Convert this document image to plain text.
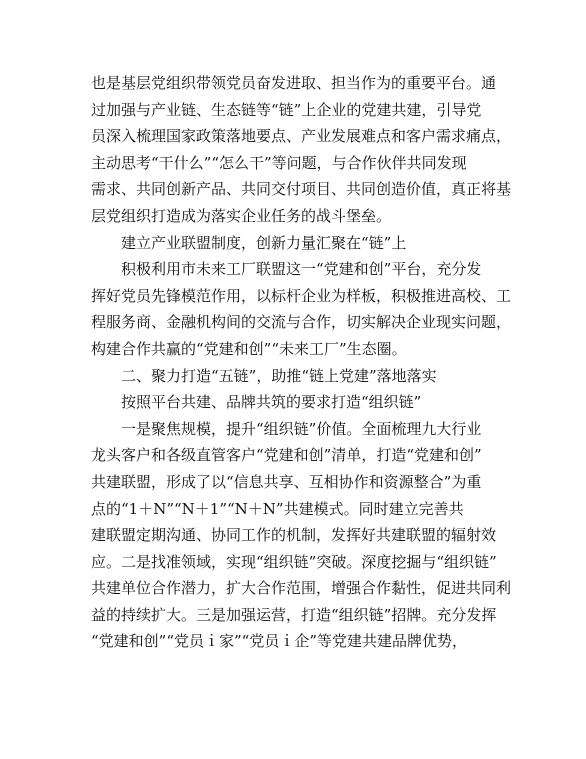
也是基层党组织带领党员奋发进取、担当作为的重要平台。通
过加强与产业链、生态链等“链”上企业的党建共建，引导党
员深入梳理国家政策落地要点、产业发展难点和客户需求痛点，
主动思考“干什么”“怎么干”等问题，与合作伙伴共同发现
需求、共同创新产品、共同交付项目、共同创造价值，真正将基
层党组织打造成为落实企业任务的战斗堡垒。
建立产业联盟制度，创新力量汇聚在“链”上
积极利用市未来工厂联盟这一“党建和创”平台，充分发
挥好党员先锋模范作用，以标杆企业为样板，积极推进高校、工
程服务商、金融机构间的交流与合作，切实解决企业现实问题，
构建合作共赢的“党建和创”“未来工厂”生态圈。
二、聚力打造“五链”，助推“链上党建”落地落实
按照平台共建、品牌共筑的要求打造“组织链”
一是聚焦规模，提升“组织链”价值。全面梳理九大行业
龙头客户和各级直管客户“党建和创”清单，打造“党建和创”
共建联盟，形成了以“信息共享、互相协作和资源整合”为重
点的“1＋N”“N＋1”“N＋N”共建模式。同时建立完善共
建联盟定期沟通、协同工作的机制，发挥好共建联盟的辐射效
应。二是找准领域，实现“组织链”突破。深度挖掘与“组织链”
共建单位合作潜力，扩大合作范围，增强合作黏性，促进共同利
益的持续扩大。三是加强运营，打造“组织链”招牌。充分发挥
“党建和创”“党员ｉ家”“党员ｉ企”等党建共建品牌优势，
